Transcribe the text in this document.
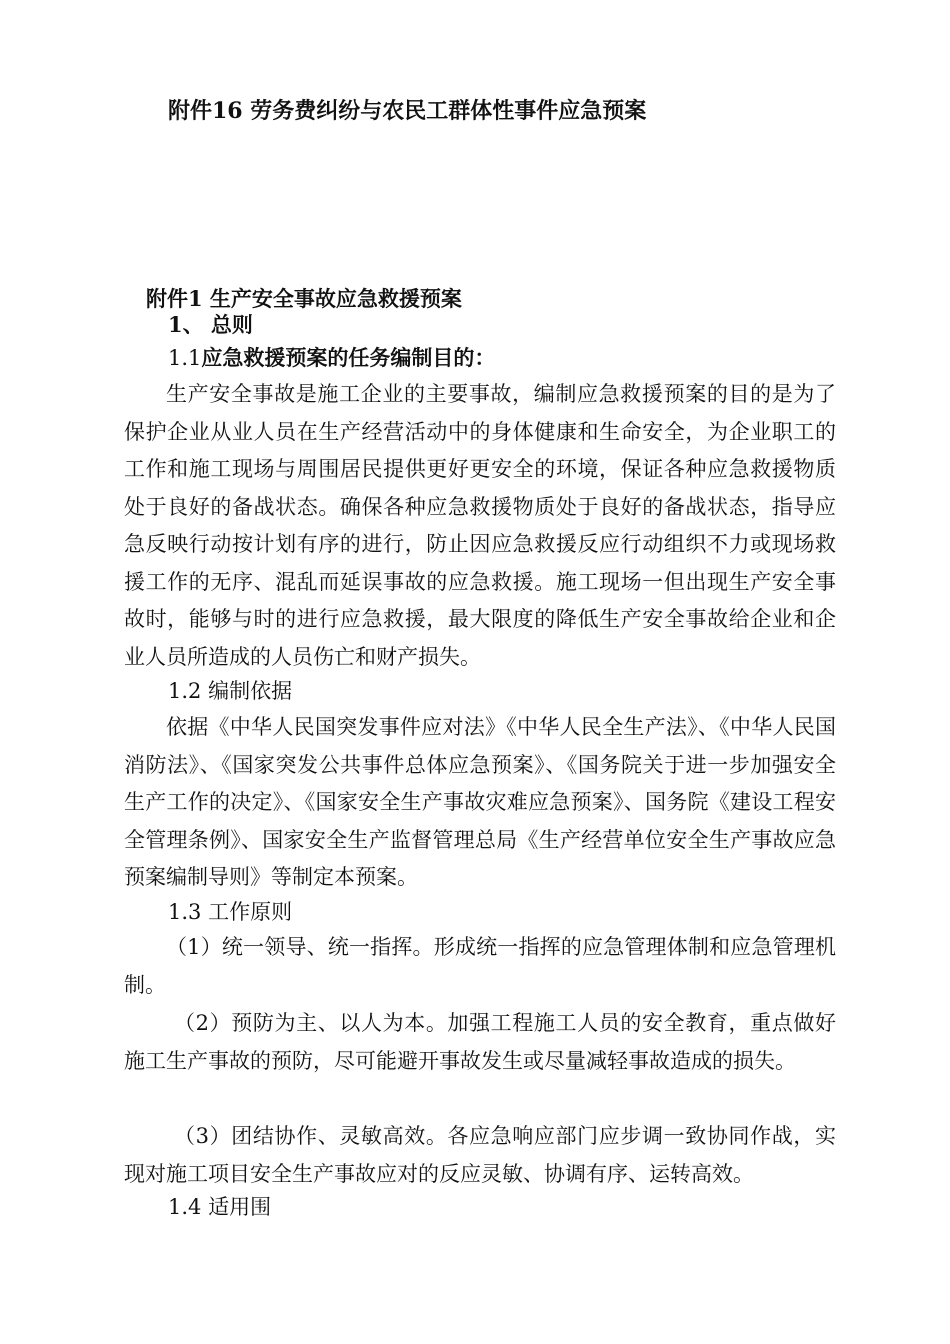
附件16 劳务费纠纷与农民工群体性事件应急预案

附件1 生产安全事故应急救援预案

1、 总则

1.1应急救援预案的任务编制目的：

生产安全事故是施工企业的主要事故，编制应急救援预案的目的是为了保护企业从业人员在生产经营活动中的身体健康和生命安全，为企业职工的工作和施工现场与周围居民提供更好更安全的环境，保证各种应急救援物质处于良好的备战状态。确保各种应急救援物质处于良好的备战状态，指导应急反映行动按计划有序的进行，防止因应急救援反应行动组织不力或现场救援工作的无序、混乱而延误事故的应急救援。施工现场一但出现生产安全事故时，能够与时的进行应急救援，最大限度的降低生产安全事故给企业和企业人员所造成的人员伤亡和财产损失。

1.2 编制依据

依据《中华人民国突发事件应对法》《中华人民全生产法》、《中华人民国消防法》、《国家突发公共事件总体应急预案》、《国务院关于进一步加强安全生产工作的决定》、《国家安全生产事故灾难应急预案》、国务院《建设工程安全管理条例》、国家安全生产监督管理总局《生产经营单位安全生产事故应急预案编制导则》等制定本预案。

1.3 工作原则

（1）统一领导、统一指挥。形成统一指挥的应急管理体制和应急管理机制。

（2）预防为主、以人为本。加强工程施工人员的安全教育，重点做好施工生产事故的预防，尽可能避开事故发生或尽量减轻事故造成的损失。

（3）团结协作、灵敏高效。各应急响应部门应步调一致协同作战，实现对施工项目安全生产事故应对的反应灵敏、协调有序、运转高效。

1.4 适用围
